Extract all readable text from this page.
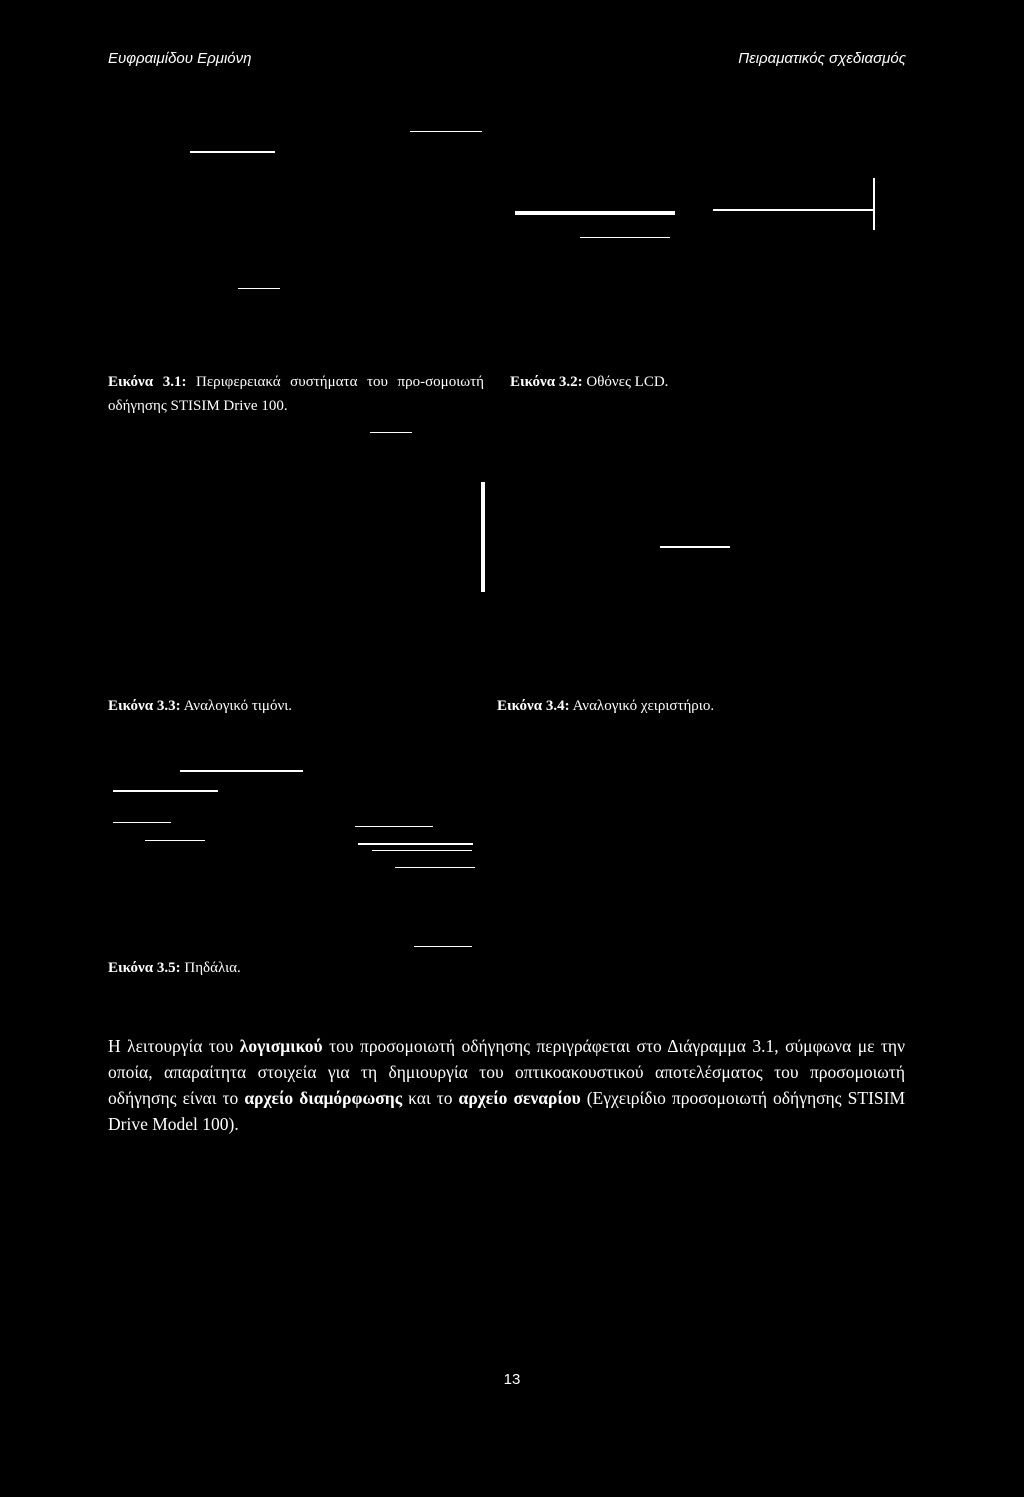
Ευφραιμίδου Ερμιόνη	Πειραματικός σχεδιασμός
Εικόνα 3.1: Περιφερειακά συστήματα του προ-σομοιωτή οδήγησης STISIM Drive 100.
Εικόνα 3.2: Οθόνες LCD.
Εικόνα 3.3: Αναλογικό τιμόνι.	Εικόνα 3.4: Αναλογικό χειριστήριο.
Εικόνα 3.5: Πηδάλια.

Η λειτουργία του λογισμικού του προσομοιωτή οδήγησης περιγράφεται στο Διάγραμμα 3.1, σύμφωνα με την οποία, απαραίτητα στοιχεία για τη δημιουργία του οπτικοακουστικού αποτελέσματος του προσομοιωτή οδήγησης είναι το αρχείο διαμόρφωσης και το αρχείο σεναρίου (Εγχειρίδιο προσομοιωτή οδήγησης STISIM Drive Model 100).

13
